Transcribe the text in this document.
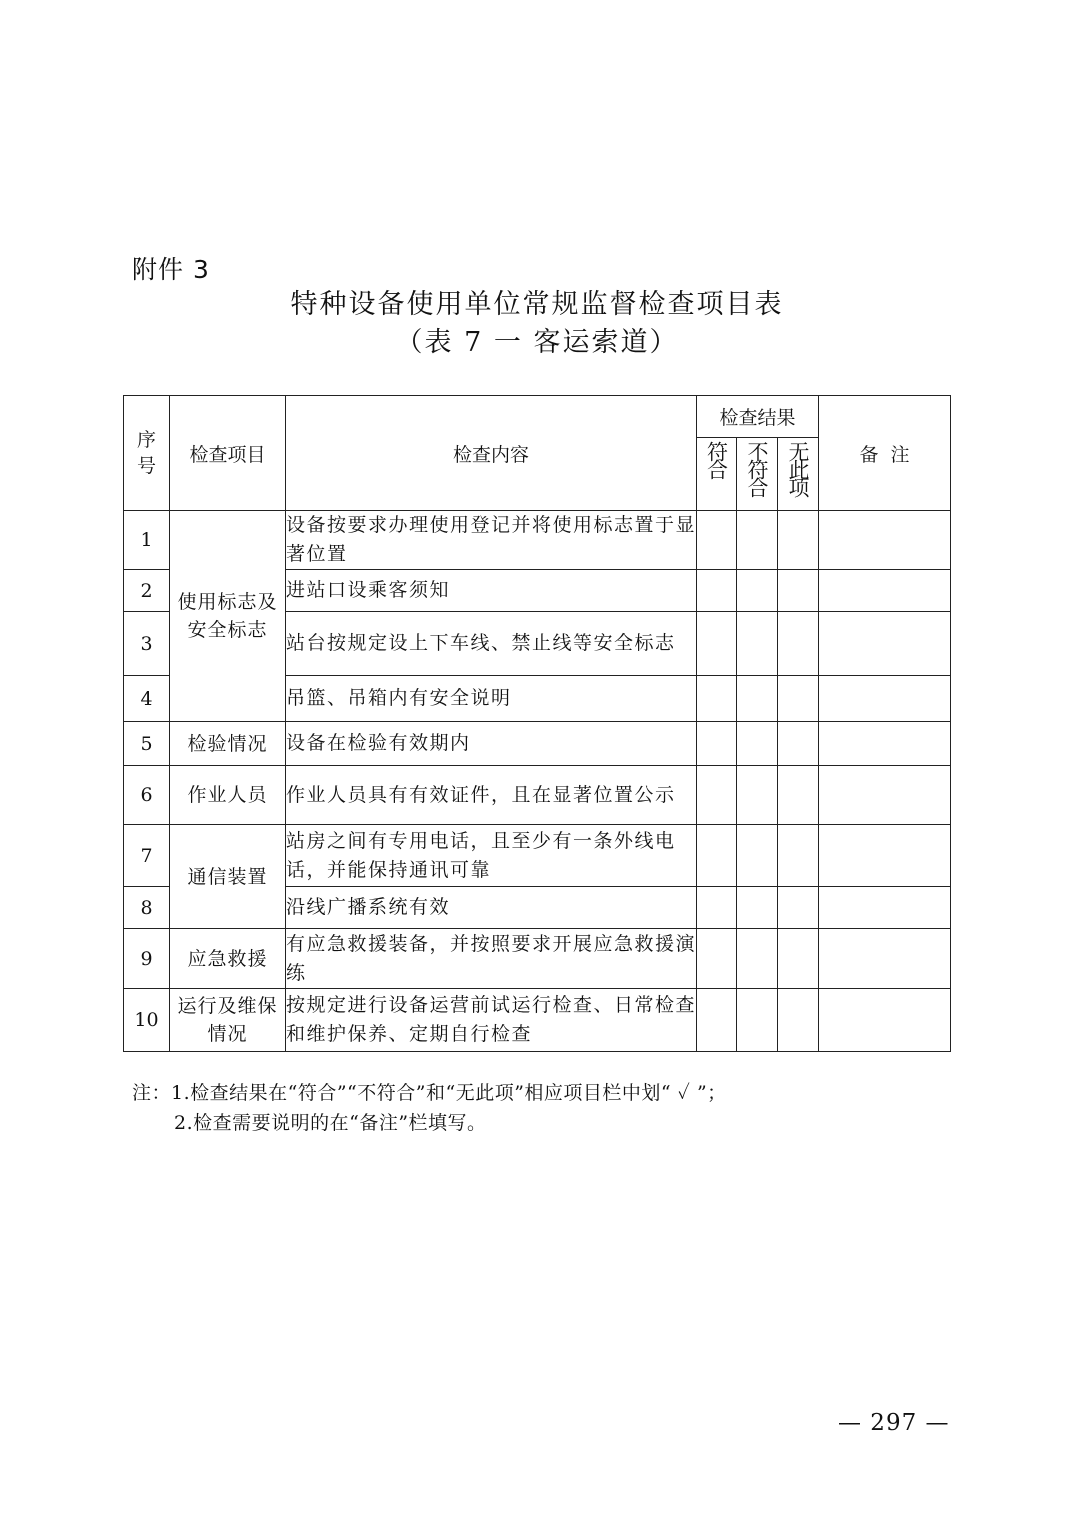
附件 3
特种设备使用单位常规监督检查项目表
（表 7 一 客运索道）
序号	检查项目	检查内容	检查结果			备  注

			符合	不符合	无此项	

1	使用标志及安全标志	设备按要求办理使用登记并将使用标志置于显著位置				
2		进站口设乘客须知				
3		站台按规定设上下车线、禁止线等安全标志				
4		吊篮、吊箱内有安全说明				
5	检验情况	设备在检验有效期内				
6	作业人员	作业人员具有有效证件，且在显著位置公示				
7	通信装置	站房之间有专用电话，且至少有一条外线电话，并能保持通讯可靠				
8		沿线广播系统有效				
9	应急救援	有应急救援装备，并按照要求开展应急救援演练				
10	运行及维保情况	按规定进行设备运营前试运行检查、日常检查和维护保养、定期自行检查				
注：1.检查结果在“符合”“不符合”和“无此项”相应项目栏中划“ ✓ ”；
2.检查需要说明的在“备注”栏填写。
— 297 —
